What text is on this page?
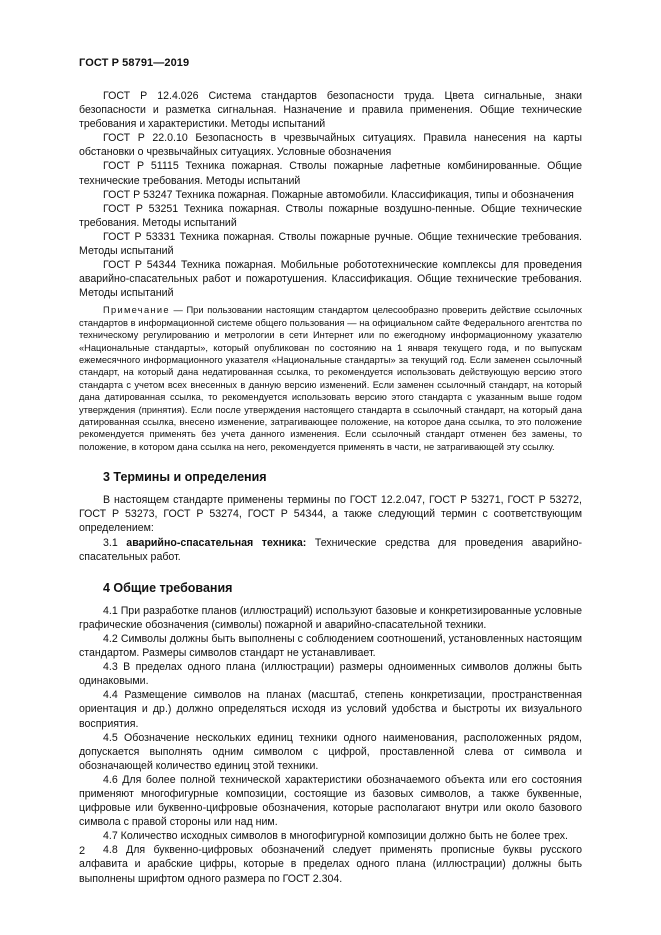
ГОСТ Р 58791—2019

ГОСТ Р 12.4.026 Система стандартов безопасности труда. Цвета сигнальные, знаки безопасности и разметка сигнальная. Назначение и правила применения. Общие технические требования и характеристики. Методы испытаний

ГОСТ Р 22.0.10 Безопасность в чрезвычайных ситуациях. Правила нанесения на карты обстановки о чрезвычайных ситуациях. Условные обозначения

ГОСТ Р 51115 Техника пожарная. Стволы пожарные лафетные комбинированные. Общие технические требования. Методы испытаний

ГОСТ Р 53247 Техника пожарная. Пожарные автомобили. Классификация, типы и обозначения

ГОСТ Р 53251 Техника пожарная. Стволы пожарные воздушно-пенные. Общие технические требования. Методы испытаний

ГОСТ Р 53331 Техника пожарная. Стволы пожарные ручные. Общие технические требования. Методы испытаний

ГОСТ Р 54344 Техника пожарная. Мобильные робототехнические комплексы для проведения аварийно-спасательных работ и пожаротушения. Классификация. Общие технические требования. Методы испытаний

Примечание — При пользовании настоящим стандартом целесообразно проверить действие ссылочных стандартов в информационной системе общего пользования — на официальном сайте Федерального агентства по техническому регулированию и метрологии в сети Интернет или по ежегодному информационному указателю «Национальные стандарты», который опубликован по состоянию на 1 января текущего года, и по выпускам ежемесячного информационного указателя «Национальные стандарты» за текущий год. Если заменен ссылочный стандарт, на который дана недатированная ссылка, то рекомендуется использовать действующую версию этого стандарта с учетом всех внесенных в данную версию изменений. Если заменен ссылочный стандарт, на который дана датированная ссылка, то рекомендуется использовать версию этого стандарта с указанным выше годом утверждения (принятия). Если после утверждения настоящего стандарта в ссылочный стандарт, на который дана датированная ссылка, внесено изменение, затрагивающее положение, на которое дана ссылка, то это положение рекомендуется применять без учета данного изменения. Если ссылочный стандарт отменен без замены, то положение, в котором дана ссылка на него, рекомендуется применять в части, не затрагивающей эту ссылку.

3 Термины и определения

В настоящем стандарте применены термины по ГОСТ 12.2.047, ГОСТ Р 53271, ГОСТ Р 53272, ГОСТ Р 53273, ГОСТ Р 53274, ГОСТ Р 54344, а также следующий термин с соответствующим определением:

3.1 аварийно-спасательная техника: Технические средства для проведения аварийно-спасательных работ.

4 Общие требования

4.1 При разработке планов (иллюстраций) используют базовые и конкретизированные условные графические обозначения (символы) пожарной и аварийно-спасательной техники.

4.2 Символы должны быть выполнены с соблюдением соотношений, установленных настоящим стандартом. Размеры символов стандарт не устанавливает.

4.3 В пределах одного плана (иллюстрации) размеры одноименных символов должны быть одинаковыми.

4.4 Размещение символов на планах (масштаб, степень конкретизации, пространственная ориентация и др.) должно определяться исходя из условий удобства и быстроты их визуального восприятия.

4.5 Обозначение нескольких единиц техники одного наименования, расположенных рядом, допускается выполнять одним символом с цифрой, проставленной слева от символа и обозначающей количество единиц этой техники.

4.6 Для более полной технической характеристики обозначаемого объекта или его состояния применяют многофигурные композиции, состоящие из базовых символов, а также буквенные, цифровые или буквенно-цифровые обозначения, которые располагают внутри или около базового символа с правой стороны или над ним.

4.7 Количество исходных символов в многофигурной композиции должно быть не более трех.

4.8 Для буквенно-цифровых обозначений следует применять прописные буквы русского алфавита и арабские цифры, которые в пределах одного плана (иллюстрации) должны быть выполнены шрифтом одного размера по ГОСТ 2.304.

2
